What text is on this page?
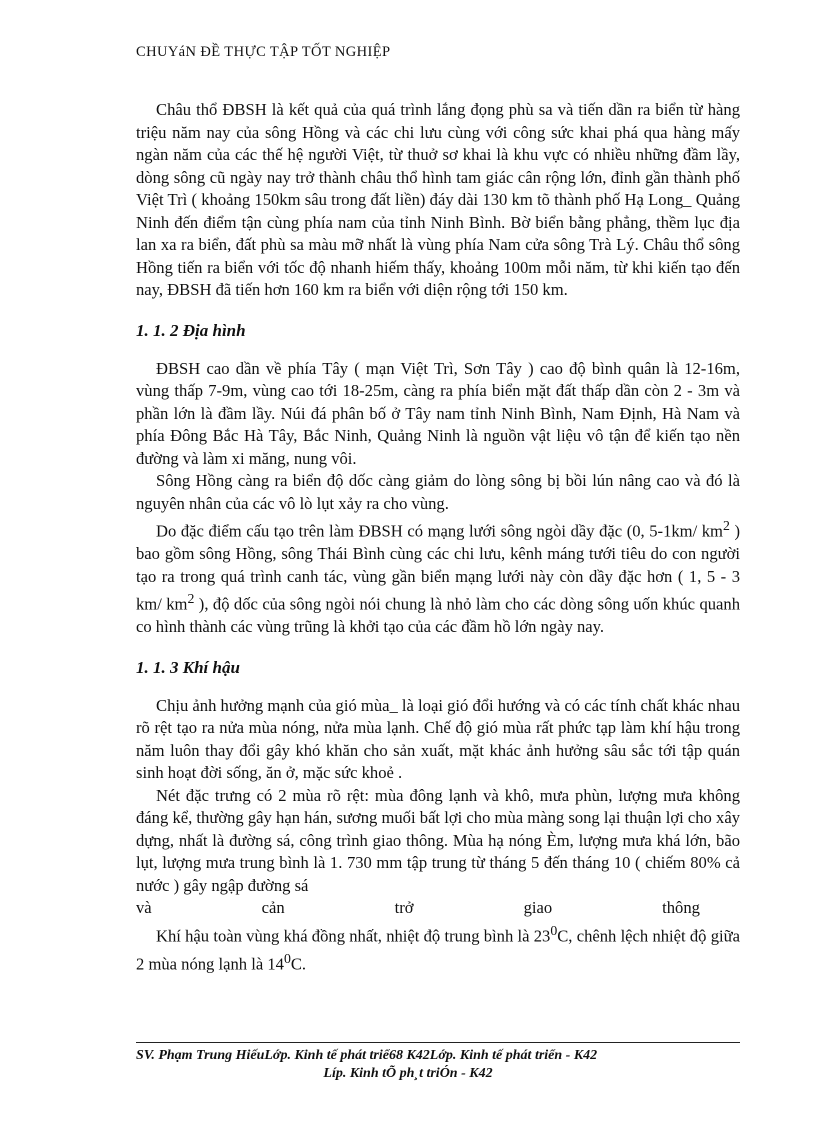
CHUYáN ĐỀ THỰC TẬP TỐT NGHIỆP

Châu thổ ĐBSH là kết quả của quá trình lắng đọng phù sa và tiến dần ra biển từ hàng triệu năm nay của sông Hồng và các chi lưu cùng với công sức khai phá qua hàng mấy ngàn năm của các thế hệ người Việt, từ thuở sơ khai là khu vực có nhiều những đầm lầy, dòng sông cũ ngày nay trở thành châu thổ hình tam giác cân rộng lớn, đỉnh gần thành phố Việt Trì ( khoảng 150km sâu trong đất liền) đáy dài 130 km tõ thành phố Hạ Long_ Quảng Ninh đến điểm tận cùng phía nam của tỉnh Ninh Bình. Bờ biển bằng phẳng, thềm lục địa lan xa ra biển, đất phù sa màu mỡ nhất là vùng phía Nam cửa sông Trà Lý. Châu thổ sông Hồng tiến ra biển với tốc độ nhanh hiếm thấy, khoảng 100m mỗi năm, từ khi kiến tạo đến nay, ĐBSH đã tiến hơn 160 km ra biển với diện rộng tới 150 km.

1. 1. 2 Địa hình

ĐBSH cao dần về phía Tây ( mạn Việt Trì, Sơn Tây ) cao độ bình quân là 12-16m, vùng thấp 7-9m, vùng cao tới 18-25m, càng ra phía biển mặt đất thấp dần còn 2 - 3m và phần lớn là đầm lầy. Núi đá phân bố ở Tây nam tỉnh Ninh Bình, Nam Định, Hà Nam và phía Đông Bắc Hà Tây, Bắc Ninh, Quảng Ninh là nguồn vật liệu vô tận để kiến tạo nền đường và làm xi măng, nung vôi.

Sông Hồng càng ra biển độ dốc càng giảm do lòng sông bị bồi lún nâng cao và đó là nguyên nhân của các vô lò lụt xảy ra cho vùng.

Do đặc điểm cấu tạo trên làm ĐBSH có mạng lưới sông ngòi dầy đặc (0, 5-1km/ $km^2$ ) bao gồm sông Hồng, sông Thái Bình cùng các chi lưu, kênh máng tưới tiêu do con người tạo ra trong quá trình canh tác, vùng gần biển mạng lưới này còn dầy đặc hơn ( 1, 5 - 3 km/ $km^2$ ), độ dốc của sông ngòi nói chung là nhỏ làm cho các dòng sông uốn khúc quanh co hình thành các vùng trũng là khởi tạo của các đầm hồ lớn ngày nay.

1. 1. 3 Khí hậu

Chịu ảnh hưởng mạnh của gió mùa_ là loại gió đổi hướng và có các tính chất khác nhau rõ rệt tạo ra nửa mùa nóng, nửa mùa lạnh. Chế độ gió mùa rất phức tạp làm khí hậu trong năm luôn thay đổi gây khó khăn cho sản xuất, mặt khác ảnh hưởng sâu sắc tới tập quán sinh hoạt đời sống, ăn ở, mặc sức khoẻ .

Nét đặc trưng có 2 mùa rõ rệt: mùa đông lạnh và khô, mưa phùn, lượng mưa không đáng kể, thường gây hạn hán, sương muối bất lợi cho mùa màng song lại thuận lợi cho xây dựng, nhất là đường sá, công trình giao thông. Mùa hạ nóng Èm, lượng mưa khá lớn, bão lụt, lượng mưa trung bình là 1. 730 mm tập trung từ tháng 5 đến tháng 10 ( chiếm 80% cả nước ) gây ngập đường sá

và	cản	trở	giao	thông

Khí hậu toàn vùng khá đồng nhất, nhiệt độ trung bình là $23^0C$, chênh lệch nhiệt độ giữa 2 mùa nóng lạnh là $14^0C$.

SV. Phạm Trung HiếuLớp. Kinh tế phát triể68 K42Lớp. Kinh tế phát triển - K42
Líp. Kinh tÕ ph¸t triÓn - K42
